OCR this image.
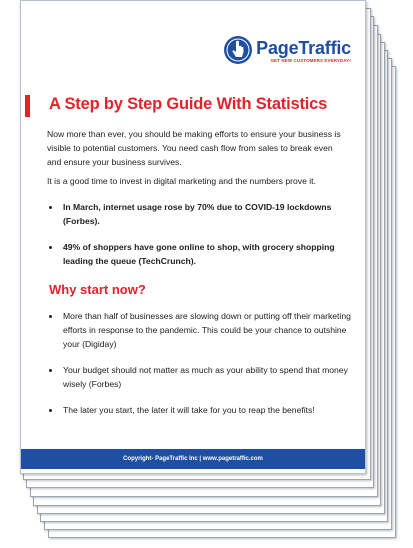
PageTraffic
GET NEW CUSTOMERS EVERYDAY!
A Step by Step Guide With Statistics
Now more than ever, you should be making efforts to ensure your business is visible to potential customers. You need cash flow from sales to break even and ensure your business survives.
It is a good time to invest in digital marketing and the numbers prove it.
In March, internet usage rose by 70% due to COVID-19 lockdowns (Forbes).
49% of shoppers have gone online to shop, with grocery shopping leading the queue (TechCrunch).
Why start now?
More than half of businesses are slowing down or putting off their marketing efforts in response to the pandemic. This could be your chance to outshine your (Digiday)
Your budget should not matter as much as your ability to spend that money wisely (Forbes)
The later you start, the later it will take for you to reap the benefits!
Copyright- PageTraffic Inc | www.pagetraffic.com
